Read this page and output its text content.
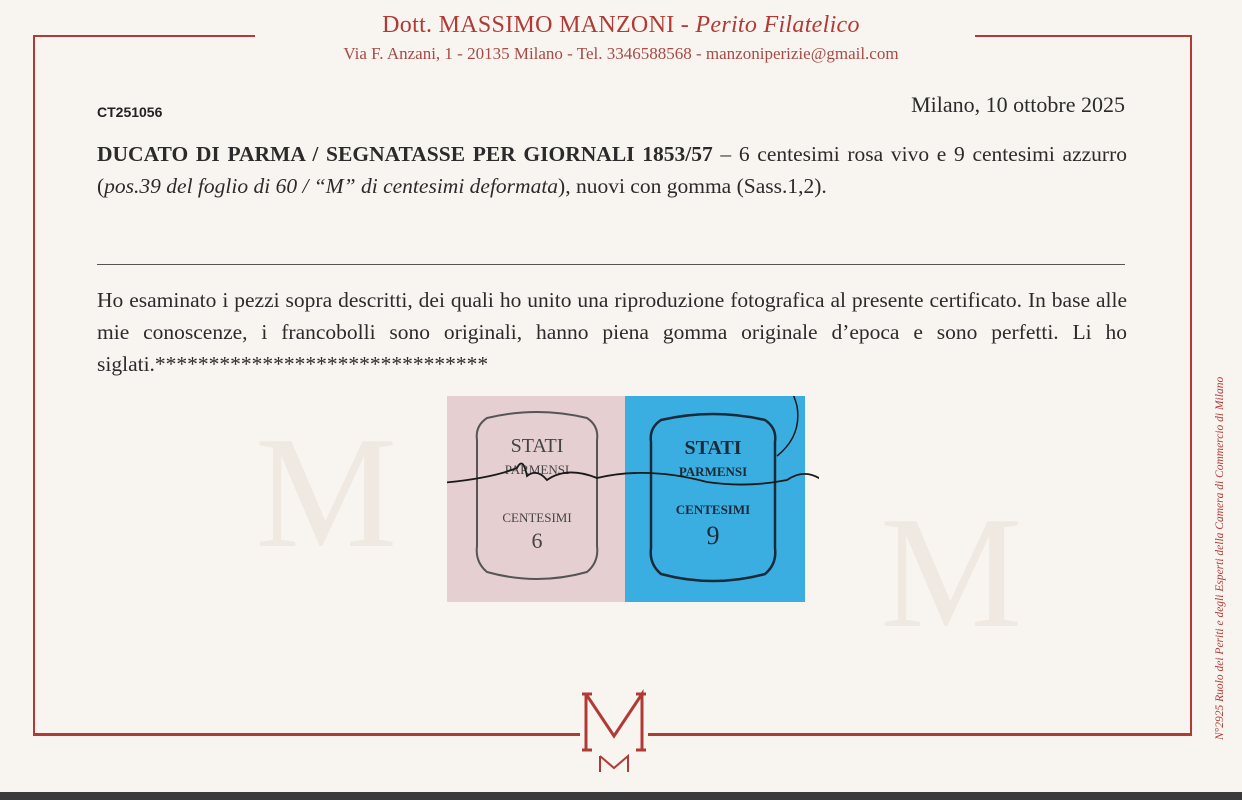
M	M
Dott. MASSIMO MANZONI - Perito Filatelico
Via F. Anzani, 1 - 20135 Milano - Tel. 3346588568 - manzoniperizie@gmail.com
CT251056	Milano, 10 ottobre 2025
DUCATO DI PARMA / SEGNATASSE PER GIORNALI 1853/57 – 6 centesimi rosa vivo e 9 centesimi azzurro (pos.39 del foglio di 60 / “M” di centesimi deformata), nuovi con gomma (Sass.1,2).
Ho esaminato i pezzi sopra descritti, dei quali ho unito una riproduzione fotografica al presente certificato. In base alle mie conoscenze, i francobolli sono originali, hanno piena gomma originale d’epoca e sono perfetti. Li ho siglati.*******************************
STATI
PARMENSI
CENTESIMI
6
STATI
PARMENSI
CENTESIMI
9	N°2925 Ruolo dei Periti e degli Esperti della Camera di Commercio di Milano
